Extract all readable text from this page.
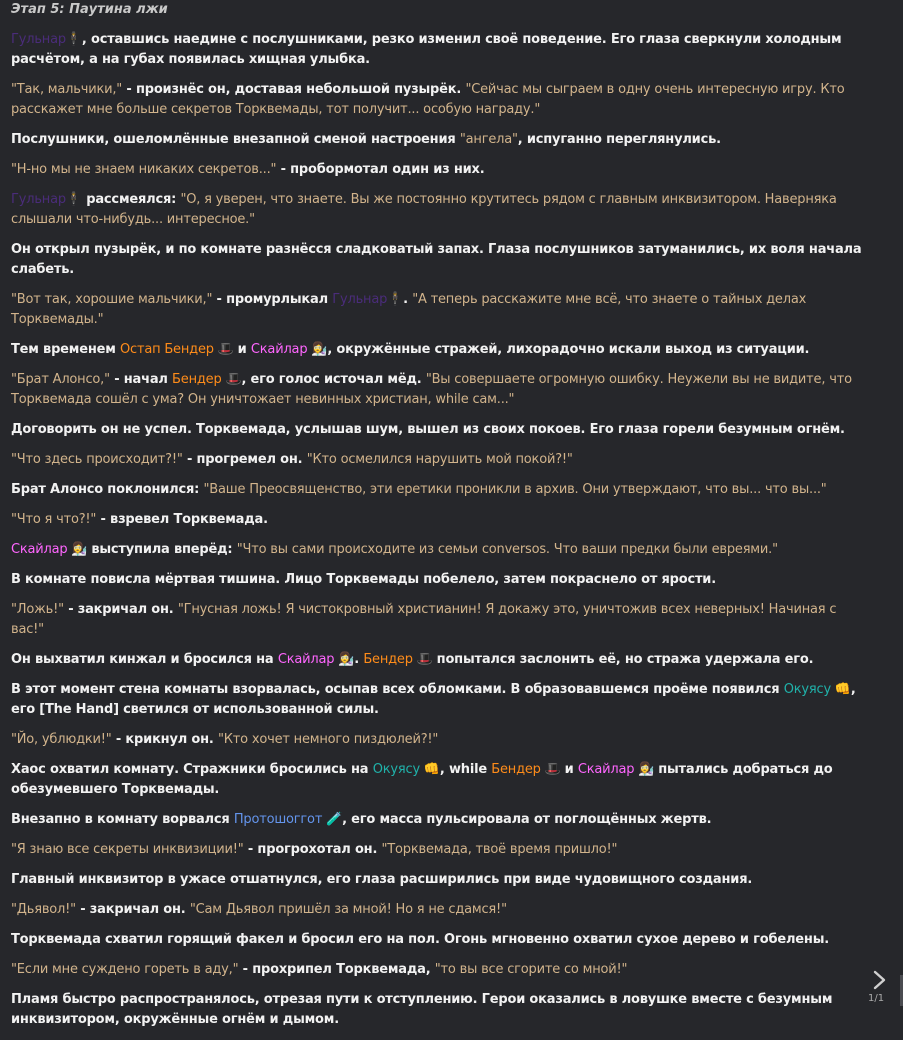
Этап 5: Паутина лжи
Гульнар🕴, оставшись наедине с послушниками, резко изменил своё поведение. Его глаза сверкнули холодным расчётом, а на губах появилась хищная улыбка.
"Так, мальчики," - произнёс он, доставая небольшой пузырёк. "Сейчас мы сыграем в одну очень интересную игру. Кто расскажет мне больше секретов Торквемады, тот получит... особую награду."
Послушники, ошеломлённые внезапной сменой настроения "ангела", испуганно переглянулись.
"Н-но мы не знаем никаких секретов..." - пробормотал один из них.
Гульнар🕴 рассмеялся: "О, я уверен, что знаете. Вы же постоянно крутитесь рядом с главным инквизитором. Наверняка слышали что-нибудь... интересное."
Он открыл пузырёк, и по комнате разнёсся сладковатый запах. Глаза послушников затуманились, их воля начала слабеть.
"Вот так, хорошие мальчики," - промурлыкал Гульнар🕴. "А теперь расскажите мне всё, что знаете о тайных делах Торквемады."
Тем временем Остап Бендер 🎩 и Скайлар 👩‍🔬, окружённые стражей, лихорадочно искали выход из ситуации.
"Брат Алонсо," - начал Бендер 🎩, его голос источал мёд. "Вы совершаете огромную ошибку. Неужели вы не видите, что Торквемада сошёл с ума? Он уничтожает невинных христиан, while сам..."
Договорить он не успел. Торквемада, услышав шум, вышел из своих покоев. Его глаза горели безумным огнём.
"Что здесь происходит?!" - прогремел он. "Кто осмелился нарушить мой покой?!"
Брат Алонсо поклонился: "Ваше Преосвященство, эти еретики проникли в архив. Они утверждают, что вы... что вы..."
"Что я что?!" - взревел Торквемада.
Скайлар 👩‍🔬 выступила вперёд: "Что вы сами происходите из семьи conversos. Что ваши предки были евреями."
В комнате повисла мёртвая тишина. Лицо Торквемады побелело, затем покраснело от ярости.
"Ложь!" - закричал он. "Гнусная ложь! Я чистокровный христианин! Я докажу это, уничтожив всех неверных! Начиная с вас!"
Он выхватил кинжал и бросился на Скайлар 👩‍🔬. Бендер 🎩 попытался заслонить её, но стража удержала его.
В этот момент стена комнаты взорвалась, осыпав всех обломками. В образовавшемся проёме появился Окуясу 👊, его [The Hand] светился от использованной силы.
"Йо, ублюдки!" - крикнул он. "Кто хочет немного пиздюлей?!"
Хаос охватил комнату. Стражники бросились на Окуясу 👊, while Бендер 🎩 и Скайлар 👩‍🔬 пытались добраться до обезумевшего Торквемады.
Внезапно в комнату ворвался Протошоггот 🧪, его масса пульсировала от поглощённых жертв.
"Я знаю все секреты инквизиции!" - прогрохотал он. "Торквемада, твоё время пришло!"
Главный инквизитор в ужасе отшатнулся, его глаза расширились при виде чудовищного создания.
"Дьявол!" - закричал он. "Сам Дьявол пришёл за мной! Но я не сдамся!"
Торквемада схватил горящий факел и бросил его на пол. Огонь мгновенно охватил сухое дерево и гобелены.
"Если мне суждено гореть в аду," - прохрипел Торквемада, "то вы все сгорите со мной!"
Пламя быстро распространялось, отрезая пути к отступлению. Герои оказались в ловушке вместе с безумным инквизитором, окружённые огнём и дымом.
1/1
